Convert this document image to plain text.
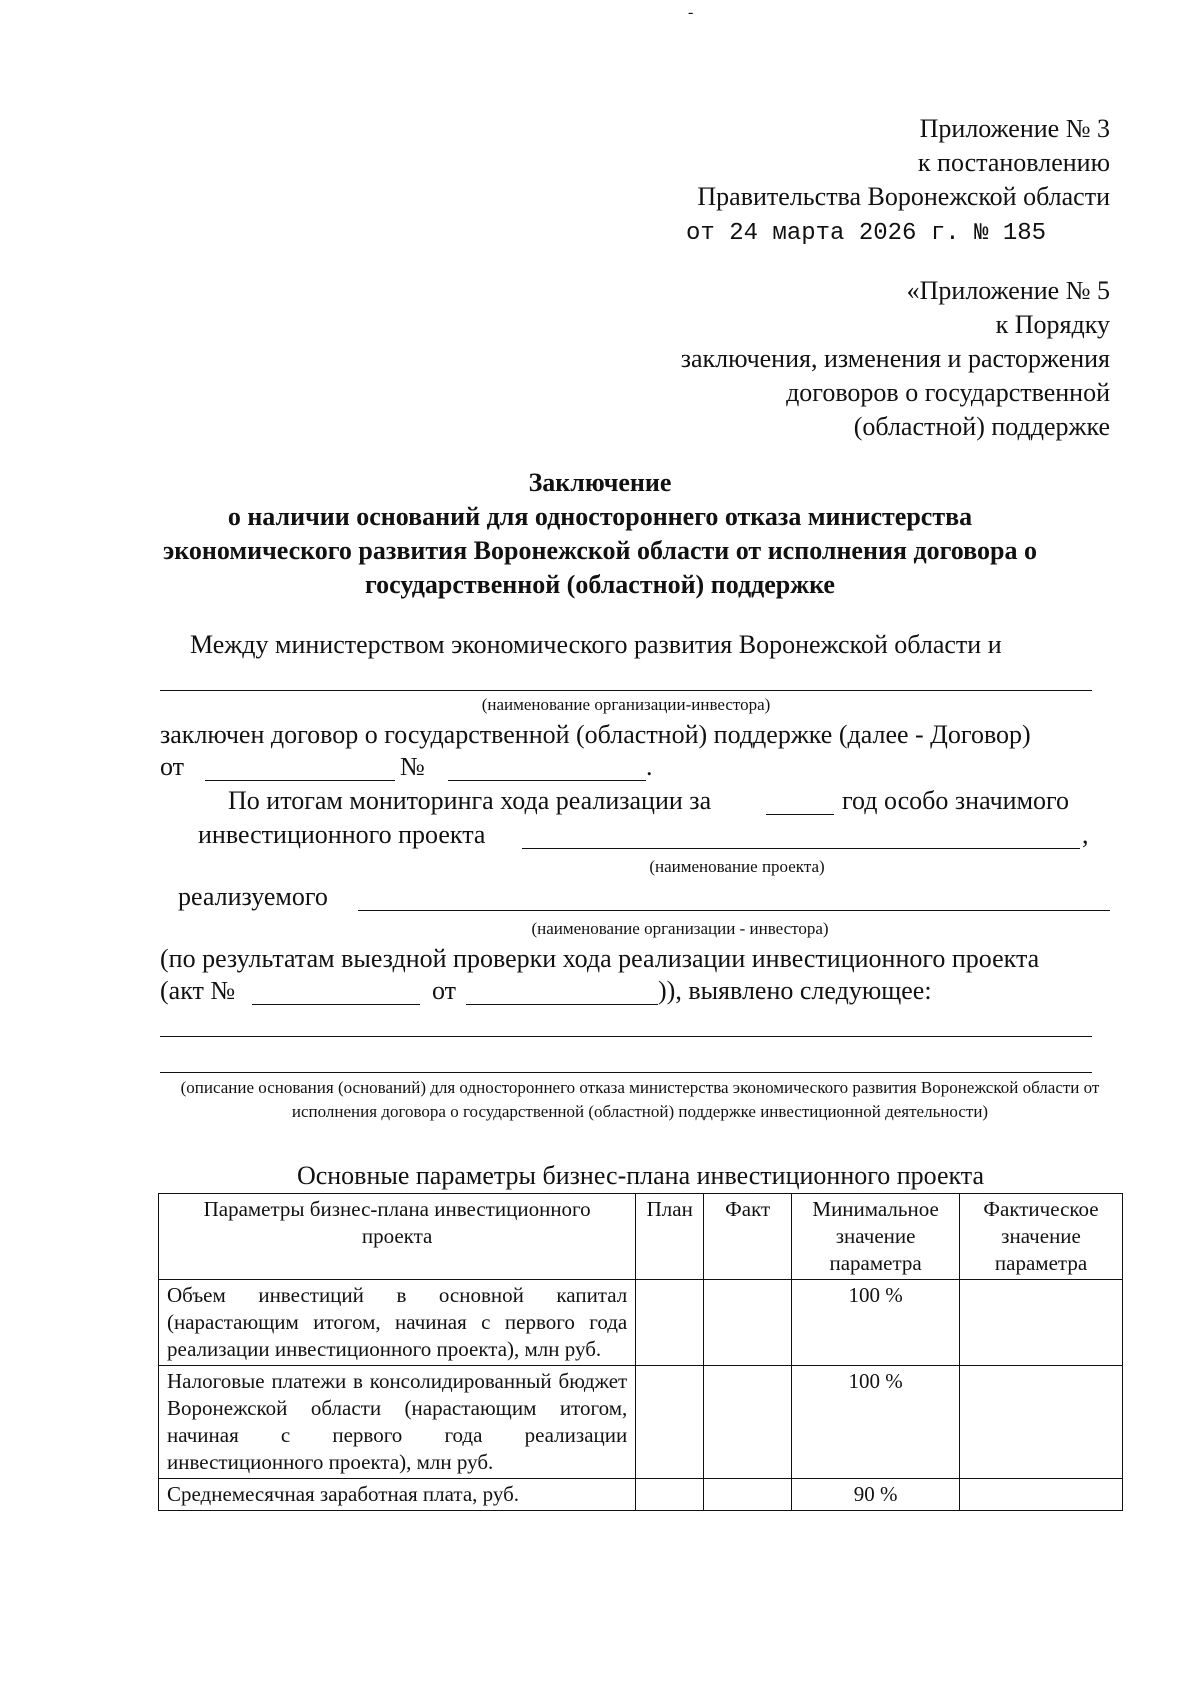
-
Приложение № 3
к постановлению
Правительства Воронежской области
от 24 марта 2026 г. № 185
«Приложение № 5
к Порядку
заключения, изменения и расторжения
договоров о государственной
(областной) поддержке
Заключение
о наличии оснований для одностороннего отказа министерства
экономического развития Воронежской области от исполнения договора о
государственной (областной) поддержке
Между министерством экономического развития Воронежской области и
(наименование организации-инвестора)
заключен договор о государственной (областной) поддержке (далее - Договор)
от	№	.
По итогам мониторинга хода реализации за	год особо значимого
инвестиционного проекта	,
(наименование проекта)
реализуемого
(наименование организации - инвестора)
(по результатам выездной проверки хода реализации инвестиционного проекта
(акт №	от	)), выявлено следующее:
(описание основания (оснований) для одностороннего отказа министерства экономического развития Воронежской области от исполнения договора о государственной (областной) поддержке инвестиционной деятельности)
Основные параметры бизнес-плана инвестиционного проекта
Параметры бизнес-плана инвестиционного проекта	План	Факт	Минимальное значение параметра	Фактическое значение параметра
Объем инвестиций в основной капитал (нарастающим итогом, начиная с первого года реализации инвестиционного проекта), млн руб.			100 %	
Налоговые платежи в консолидированный бюджет Воронежской области (нарастающим итогом, начиная с первого года реализации инвестиционного проекта), млн руб.			100 %	
Среднемесячная заработная плата, руб.			90 %	
